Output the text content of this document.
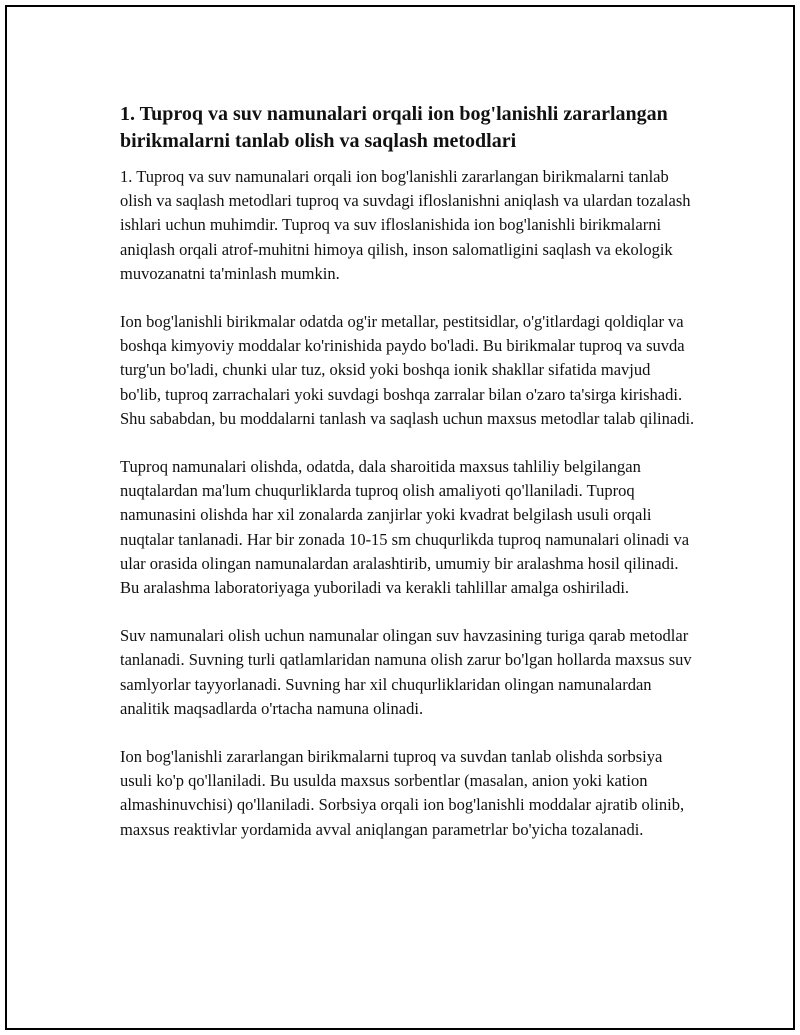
1. Tuproq va suv namunalari orqali ion bog'lanishli zararlangan birikmalarni tanlab olish va saqlash metodlari

1. Tuproq va suv namunalari orqali ion bog'lanishli zararlangan birikmalarni tanlab olish va saqlash metodlari tuproq va suvdagi ifloslanishni aniqlash va ulardan tozalash ishlari uchun muhimdir. Tuproq va suv ifloslanishida ion bog'lanishli birikmalarni aniqlash orqali atrof-muhitni himoya qilish, inson salomatligini saqlash va ekologik muvozanatni ta'minlash mumkin.

Ion bog'lanishli birikmalar odatda og'ir metallar, pestitsidlar, o'g'itlardagi qoldiqlar va boshqa kimyoviy moddalar ko'rinishida paydo bo'ladi. Bu birikmalar tuproq va suvda turg'un bo'ladi, chunki ular tuz, oksid yoki boshqa ionik shakllar sifatida mavjud bo'lib, tuproq zarrachalari yoki suvdagi boshqa zarralar bilan o'zaro ta'sirga kirishadi. Shu sababdan, bu moddalarni tanlash va saqlash uchun maxsus metodlar talab qilinadi.

Tuproq namunalari olishda, odatda, dala sharoitida maxsus tahliliy belgilangan nuqtalardan ma'lum chuqurliklarda tuproq olish amaliyoti qo'llaniladi. Tuproq namunasini olishda har xil zonalarda zanjirlar yoki kvadrat belgilash usuli orqali nuqtalar tanlanadi. Har bir zonada 10-15 sm chuqurlikda tuproq namunalari olinadi va ular orasida olingan namunalardan aralashtirib, umumiy bir aralashma hosil qilinadi. Bu aralashma laboratoriyaga yuboriladi va kerakli tahlillar amalga oshiriladi.

Suv namunalari olish uchun namunalar olingan suv havzasining turiga qarab metodlar tanlanadi. Suvning turli qatlamlaridan namuna olish zarur bo'lgan hollarda maxsus suv samlyorlar tayyorlanadi. Suvning har xil chuqurliklaridan olingan namunalardan analitik maqsadlarda o'rtacha namuna olinadi.

Ion bog'lanishli zararlangan birikmalarni tuproq va suvdan tanlab olishda sorbsiya usuli ko'p qo'llaniladi. Bu usulda maxsus sorbentlar (masalan, anion yoki kation almashinuvchisi) qo'llaniladi. Sorbsiya orqali ion bog'lanishli moddalar ajratib olinib, maxsus reaktivlar yordamida avval aniqlangan parametrlar bo'yicha tozalanadi.
